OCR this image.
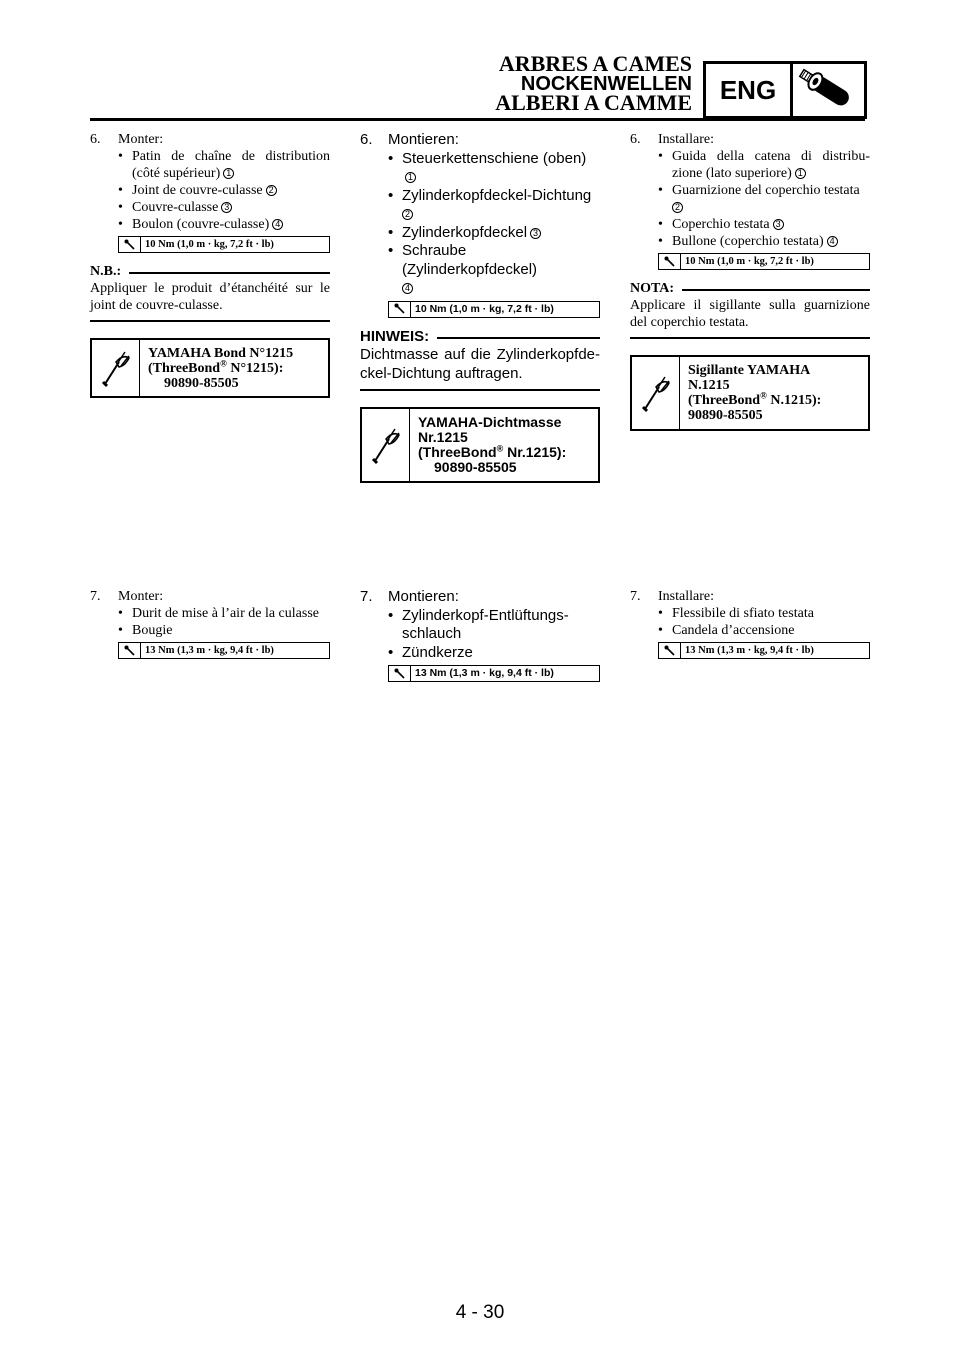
ARBRES A CAMES
NOCKENWELLEN
ALBERI A CAMME	ENG
6.	Monter:
• Patin de chaîne de distribution (côté supérieur) 1
• Joint de couvre-culasse 2
• Couvre-culasse 3
• Boulon (couvre-culasse) 4
10 Nm (1,0 m · kg, 7,2 ft · lb)
N.B.:
Appliquer le produit d’étanchéité sur le joint de couvre-culasse.
YAMAHA Bond N°1215
(ThreeBond® N°1215):
90890-85505
6.	Montieren:
• Steuerkettenschiene (oben)1
• Zylinderkopfdeckel-Dichtung
2
• Zylinderkopfdeckel 3
• Schraube (Zylinderkopfdeckel)
4
10 Nm (1,0 m · kg, 7,2 ft · lb)
HINWEIS:
Dichtmasse auf die Zylinderkopfde-ckel-Dichtung auftragen.
YAMAHA-Dichtmasse
Nr.1215
(ThreeBond® Nr.1215):
90890-85505
6.	Installare:
• Guida della catena di distribu-zione (lato superiore) 1
• Guarnizione del coperchio testata
2
• Coperchio testata 3
• Bullone (coperchio testata) 4
10 Nm (1,0 m · kg, 7,2 ft · lb)
NOTA:
Applicare il sigillante sulla guarnizione del coperchio testata.
Sigillante YAMAHA
N.1215
(ThreeBond® N.1215):
90890-85505
7.	Monter:
• Durit de mise à l’air de la culasse
• Bougie
13 Nm (1,3 m · kg, 9,4 ft · lb)
7.	Montieren:
• Zylinderkopf-Entlüftungs-schlauch
• Zündkerze
13 Nm (1,3 m · kg, 9,4 ft · lb)
7.	Installare:
• Flessibile di sfiato testata
• Candela d’accensione
13 Nm (1,3 m · kg, 9,4 ft · lb)
4 - 30
